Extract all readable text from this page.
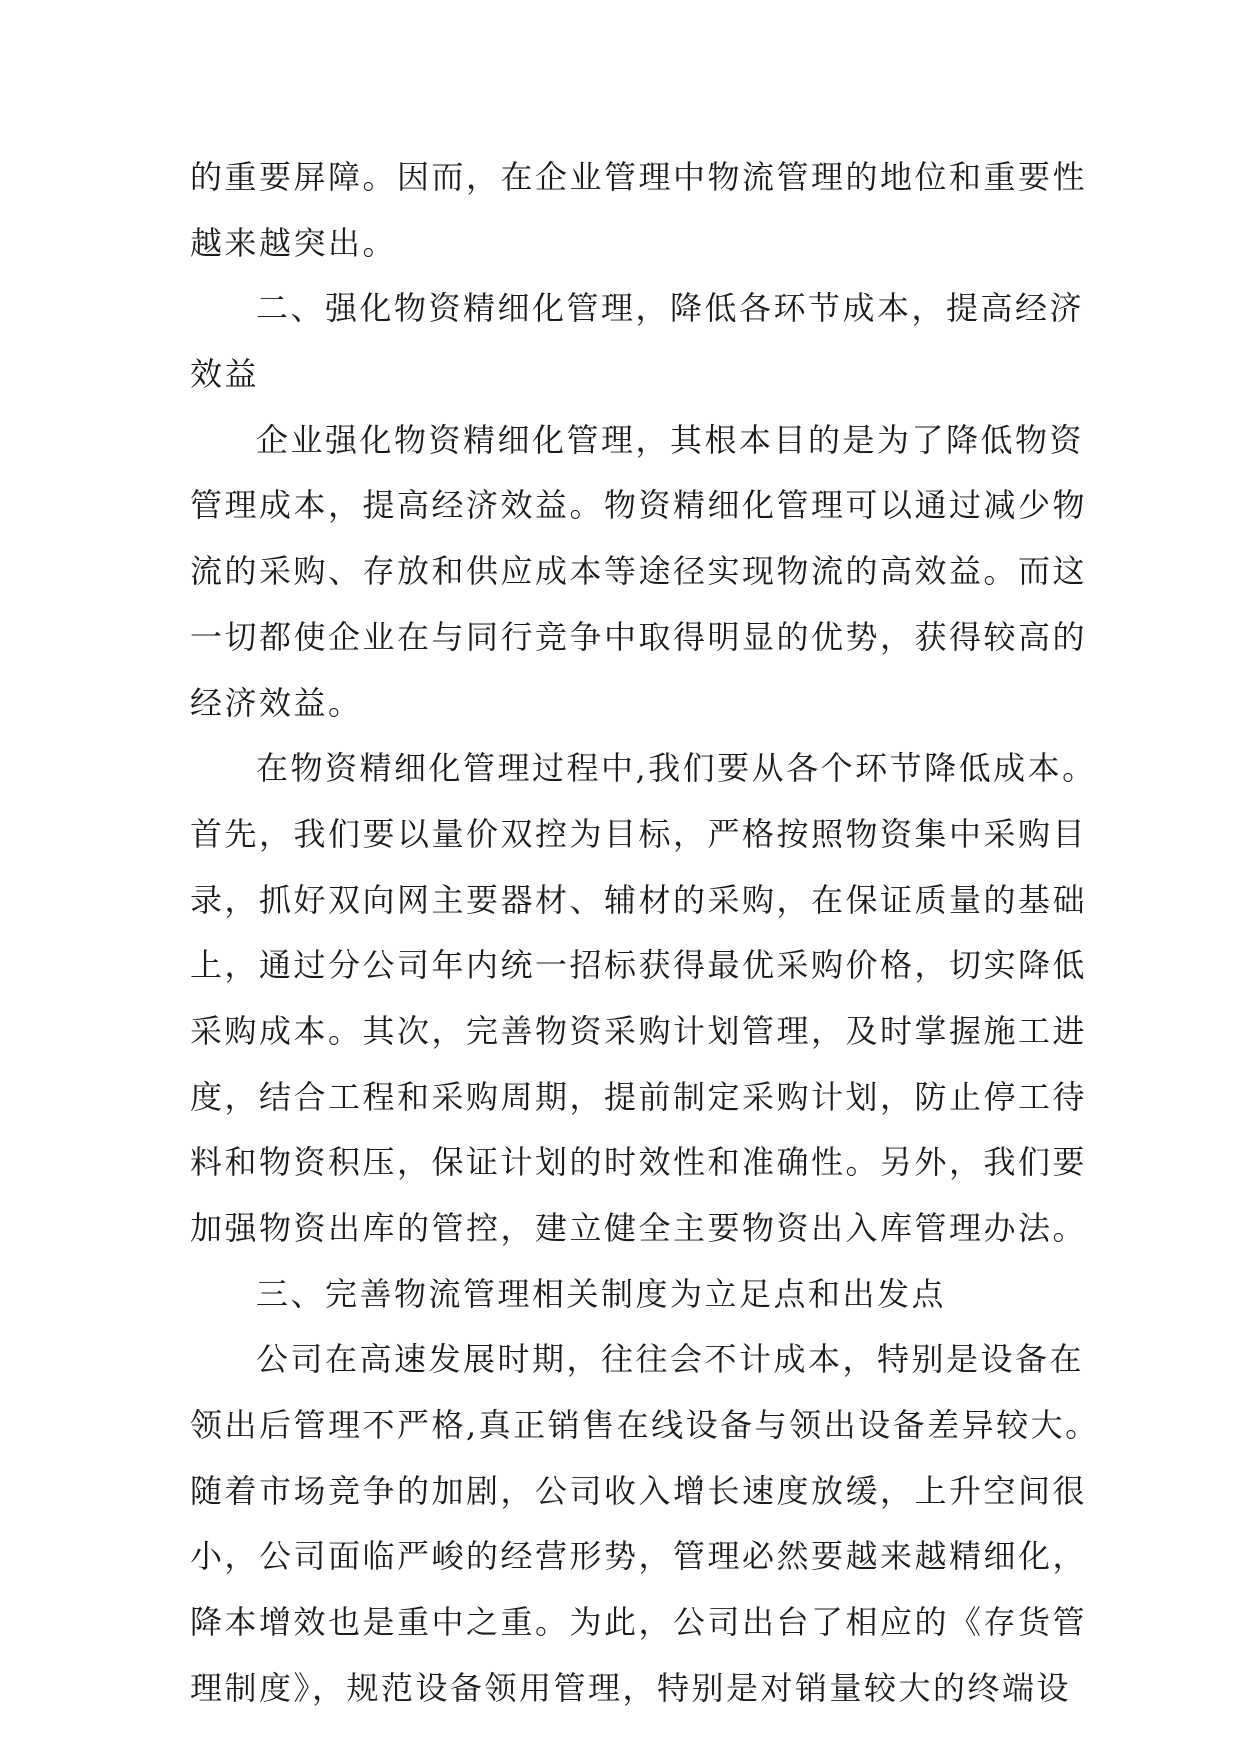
的重要屏障。因而，在企业管理中物流管理的地位和重要性
越来越突出。
二、强化物资精细化管理，降低各环节成本，提高经济
效益
企业强化物资精细化管理，其根本目的是为了降低物资
管理成本，提高经济效益。物资精细化管理可以通过减少物
流的采购、存放和供应成本等途径实现物流的高效益。而这
一切都使企业在与同行竞争中取得明显的优势，获得较高的
经济效益。
在物资精细化管理过程中,我们要从各个环节降低成本。
首先，我们要以量价双控为目标，严格按照物资集中采购目
录，抓好双向网主要器材、辅材的采购，在保证质量的基础
上，通过分公司年内统一招标获得最优采购价格，切实降低
采购成本。其次，完善物资采购计划管理，及时掌握施工进
度，结合工程和采购周期，提前制定采购计划，防止停工待
料和物资积压，保证计划的时效性和准确性。另外，我们要
加强物资出库的管控，建立健全主要物资出入库管理办法。
三、完善物流管理相关制度为立足点和出发点
公司在高速发展时期，往往会不计成本，特别是设备在
领出后管理不严格,真正销售在线设备与领出设备差异较大。
随着市场竞争的加剧，公司收入增长速度放缓，上升空间很
小，公司面临严峻的经营形势，管理必然要越来越精细化，
降本增效也是重中之重。为此，公司出台了相应的《存货管
理制度》，规范设备领用管理，特别是对销量较大的终端设
